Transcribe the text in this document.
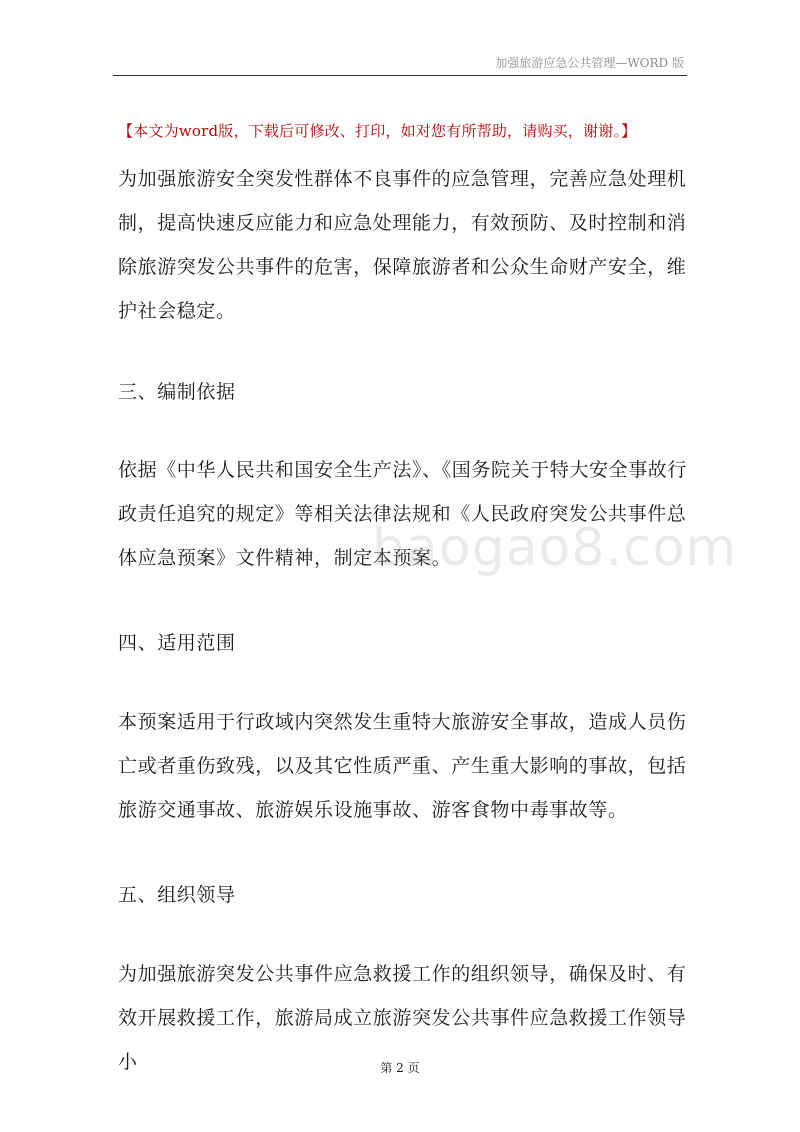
加强旅游应急公共管理—WORD 版
【本文为word版，下载后可修改、打印，如对您有所帮助，请购买，谢谢。】

为加强旅游安全突发性群体不良事件的应急管理，完善应急处理机制，提高快速反应能力和应急处理能力，有效预防、及时控制和消除旅游突发公共事件的危害，保障旅游者和公众生命财产安全，维护社会稳定。

三、编制依据

依据《中华人民共和国安全生产法》、《国务院关于特大安全事故行政责任追究的规定》等相关法律法规和《人民政府突发公共事件总体应急预案》文件精神，制定本预案。

baogao8.com
四、适用范围

本预案适用于行政域内突然发生重特大旅游安全事故，造成人员伤亡或者重伤致残，以及其它性质严重、产生重大影响的事故，包括旅游交通事故、旅游娱乐设施事故、游客食物中毒事故等。

五、组织领导

为加强旅游突发公共事件应急救援工作的组织领导，确保及时、有效开展救援工作，旅游局成立旅游突发公共事件应急救援工作领导小	第 2 页
